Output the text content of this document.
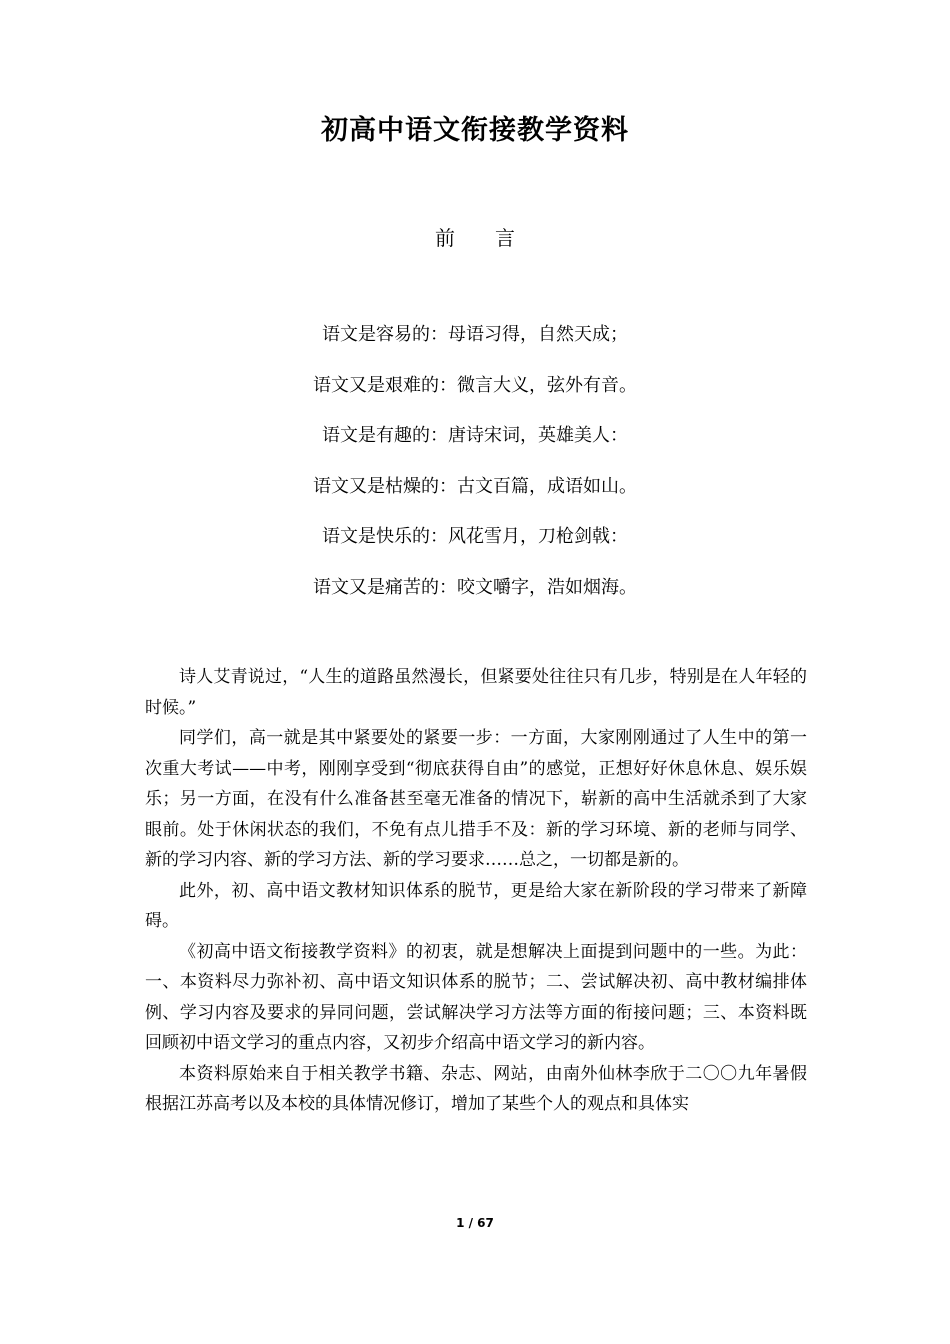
初高中语文衔接教学资料
前言
语文是容易的：母语习得，自然天成；
语文又是艰难的：微言大义，弦外有音。
语文是有趣的：唐诗宋词，英雄美人：
语文又是枯燥的：古文百篇，成语如山。
语文是快乐的：风花雪月，刀枪剑戟：
语文又是痛苦的：咬文嚼字，浩如烟海。

诗人艾青说过，“人生的道路虽然漫长，但紧要处往往只有几步，特别是在人年轻的时候。”

同学们，高一就是其中紧要处的紧要一步：一方面，大家刚刚通过了人生中的第一次重大考试——中考，刚刚享受到“彻底获得自由”的感觉，正想好好休息休息、娱乐娱乐；另一方面，在没有什么准备甚至毫无准备的情况下，崭新的高中生活就杀到了大家眼前。处于休闲状态的我们，不免有点儿措手不及：新的学习环境、新的老师与同学、新的学习内容、新的学习方法、新的学习要求……总之，一切都是新的。

此外，初、高中语文教材知识体系的脱节，更是给大家在新阶段的学习带来了新障碍。

《初高中语文衔接教学资料》的初衷，就是想解决上面提到问题中的一些。为此：一、本资料尽力弥补初、高中语文知识体系的脱节；二、尝试解决初、高中教材编排体例、学习内容及要求的异同问题，尝试解决学习方法等方面的衔接问题；三、本资料既回顾初中语文学习的重点内容，又初步介绍高中语文学习的新内容。

本资料原始来自于相关教学书籍、杂志、网站，由南外仙林李欣于二〇〇九年暑假根据江苏高考以及本校的具体情况修订，增加了某些个人的观点和具体实

1 / 67
